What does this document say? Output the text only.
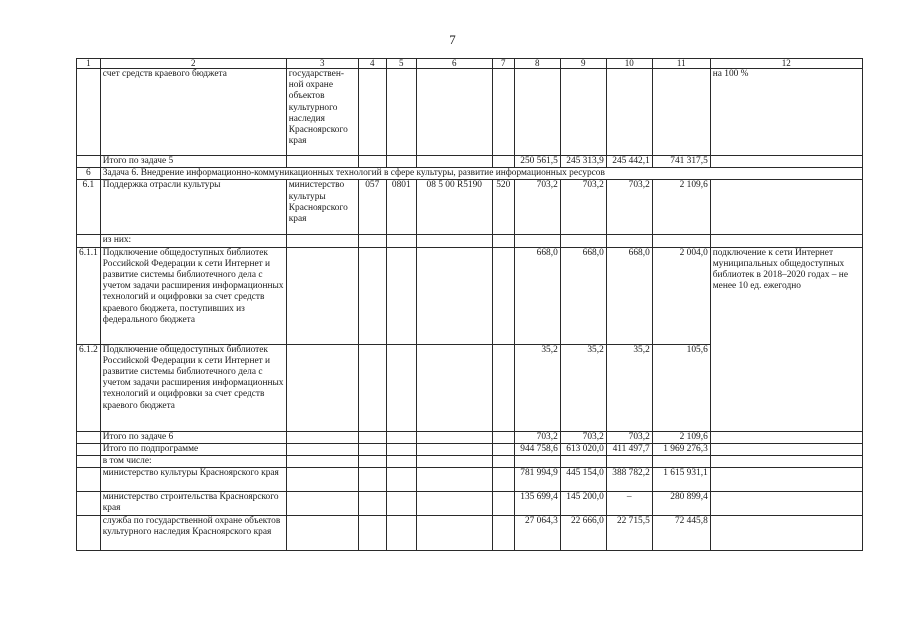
7
1	2	3	4	5	6	7	8	9	10	11	12
	счет средств краевого бюджета	государствен-ной охране объектов культурного наследия Красноярского края									на 100 %
	Итого по задаче 5						250 561,5	245 313,9	245 442,1	741 317,5	
6	Задача 6. Внедрение информационно-коммуникационных технологий в сфере культуры, развитие информационных ресурсов										
6.1	Поддержка отрасли культуры	министерство культуры Красноярского края	057	0801	08 5 00 R5190	520	703,2	703,2	703,2	2 109,6	
	из них:										
6.1.1	Подключение общедоступных библиотек Российской Федерации к сети Интернет и развитие системы библиотечного дела с учетом задачи расширения информационных технологий и оцифровки за счет средств краевого бюджета, поступивших из федерального бюджета						668,0	668,0	668,0	2 004,0	подключение к сети Интернет муниципальных общедоступных библиотек в 2018–2020 годах – не менее 10 ед. ежегодно
6.1.2	Подключение общедоступных библиотек Российской Федерации к сети Интернет и развитие системы библиотечного дела с учетом задачи расширения информационных технологий и оцифровки за счет средств краевого бюджета						35,2	35,2	35,2	105,6	
	Итого по задаче 6						703,2	703,2	703,2	2 109,6	
	Итого по подпрограмме						944 758,6	613 020,0	411 497,7	1 969 276,3	
	в том числе:										
	министерство культуры Красноярского края						781 994,9	445 154,0	388 782,2	1 615 931,1	
	министерство строительства Красноярского края						135 699,4	145 200,0	–	280 899,4	
	служба по государственной охране объектов культурного наследия Красноярского края						27 064,3	22 666,0	22 715,5	72 445,8	
